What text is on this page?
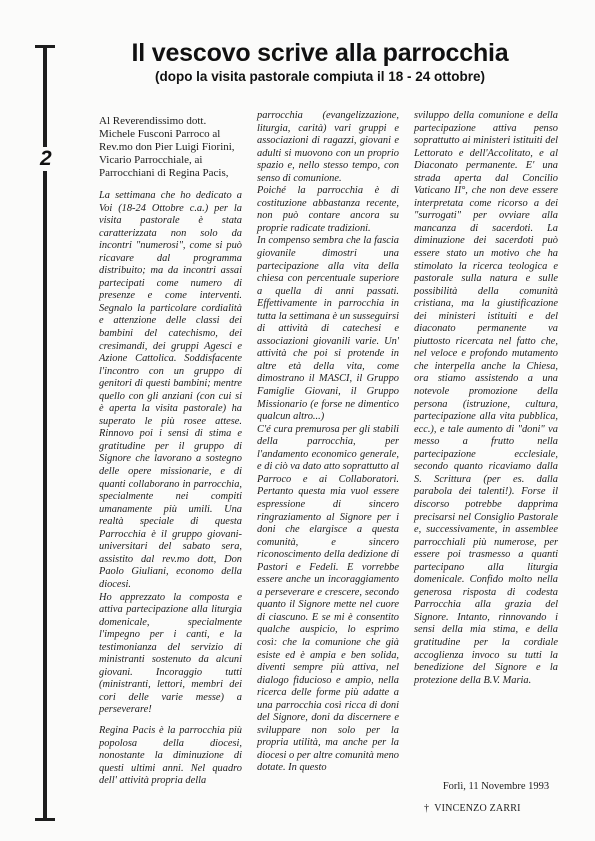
2
Il vescovo scrive alla parrocchia
(dopo la visita pastorale compiuta il 18 - 24 ottobre)

Al Reverendissimo dott. Michele Fusconi Parroco al Rev.mo don Pier Luigi Fiorini, Vicario Parrocchiale, ai Parrocchiani di Regina Pacis,

La settimana che ho dedicato a Voi (18-24 Ottobre c.a.) per la visita pastorale è stata caratterizzata non solo da incontri "numerosi", come si può ricavare dal programma distribuito; ma da incontri assai partecipati come numero di presenze e come interventi. Segnalo la particolare cordialità e attenzione delle classi dei bambini del catechismo, dei cresimandi, dei gruppi Agesci e Azione Cattolica. Soddisfacente l'incontro con un gruppo di genitori di questi bambini; mentre quello con gli anziani (con cui si è aperta la visita pastorale) ha superato le più rosee attese. Rinnovo poi i sensi di stima e gratitudine per il gruppo di Signore che lavorano a sostegno delle opere missionarie, e di quanti collaborano in parrocchia, specialmente nei compiti umanamente più umili. Una realtà speciale di questa Parrocchia è il gruppo giovani-universitari del sabato sera, assistito dal rev.mo dott, Don Paolo Giuliani, economo della diocesi.

Ho apprezzato la composta e attiva partecipazione alla liturgia domenicale, specialmente l'impegno per i canti, e la testimonianza del servizio di ministranti sostenuto da alcuni giovani. Incoraggio tutti (ministranti, lettori, membri dei cori delle varie messe) a perseverare!

Regina Pacis è la parrocchia più popolosa della diocesi, nonostante la diminuzione di questi ultimi anni. Nel quadro dell' attività propria della

parrocchia (evangelizzazione, liturgia, carità) vari gruppi e associazioni di ragazzi, giovani e adulti si muovono con un proprio spazio e, nello stesso tempo, con senso di comunione.

Poiché la parrocchia è di costituzione abbastanza recente, non può contare ancora su proprie radicate tradizioni.

In compenso sembra che la fascia giovanile dimostri una partecipazione alla vita della chiesa con percentuale superiore a quella di anni passati. Effettivamente in parrocchia in tutta la settimana è un susseguirsi di attività di catechesi e associazioni giovanili varie. Un' attività che poi si protende in altre età della vita, come dimostrano il MASCI, il Gruppo Famiglie Giovani, il Gruppo Missionario (e forse ne dimentico qualcun altro...)

C'é cura premurosa per gli stabili della parrocchia, per l'andamento economico generale, e di ciò va dato atto soprattutto al Parroco e ai Collaboratori. Pertanto questa mia vuol essere espressione di sincero ringraziamento al Signore per i doni che elargisce a questa comunità, e sincero riconoscimento della dedizione di Pastori e Fedeli. E vorrebbe essere anche un incoraggiamento a perseverare e crescere, secondo quanto il Signore mette nel cuore di ciascuno. E se mi è consentito qualche auspicio, lo esprimo così: che la comunione che già esiste ed è ampia e ben solida, diventi sempre più attiva, nel dialogo fiducioso e ampio, nella ricerca delle forme più adatte a una parrocchia così ricca di doni del Signore, doni da discernere e sviluppare non solo per la propria utilità, ma anche per la diocesi o per altre comunità meno dotate. In questo

sviluppo della comunione e della partecipazione attiva penso soprattutto ai ministeri istituiti del Lettorato e dell'Accolitato, e al Diaconato permanente. E' una strada aperta dal Concilio Vaticano II°, che non deve essere interpretata come ricorso a dei "surrogati" per ovviare alla mancanza di sacerdoti. La diminuzione dei sacerdoti può essere stato un motivo che ha stimolato la ricerca teologica e pastorale sulla natura e sulle possibilità della comunità cristiana, ma la giustificazione dei ministeri istituiti e del diaconato permanente va piuttosto ricercata nel fatto che, nel veloce e profondo mutamento che interpella anche la Chiesa, ora stiamo assistendo a una notevole promozione della persona (istruzione, cultura, partecipazione alla vita pubblica, ecc.), e tale aumento di "doni" va messo a frutto nella partecipazione ecclesiale, secondo quanto ricaviamo dalla S. Scrittura (per es. dalla parabola dei talenti!). Forse il discorso potrebbe dapprima precisarsi nel Consiglio Pastorale e, successivamente, in assemblee parrocchiali più numerose, per essere poi trasmesso a quanti partecipano alla liturgia domenicale. Confido molto nella generosa risposta di codesta Parrocchia alla grazia del Signore. Intanto, rinnovando i sensi della mia stima, e della gratitudine per la cordiale accoglienza invoco su tutti la benedizione del Signore e la protezione della B.V. Maria.

Forlì, 11 Novembre 1993
† VINCENZO ZARRI
